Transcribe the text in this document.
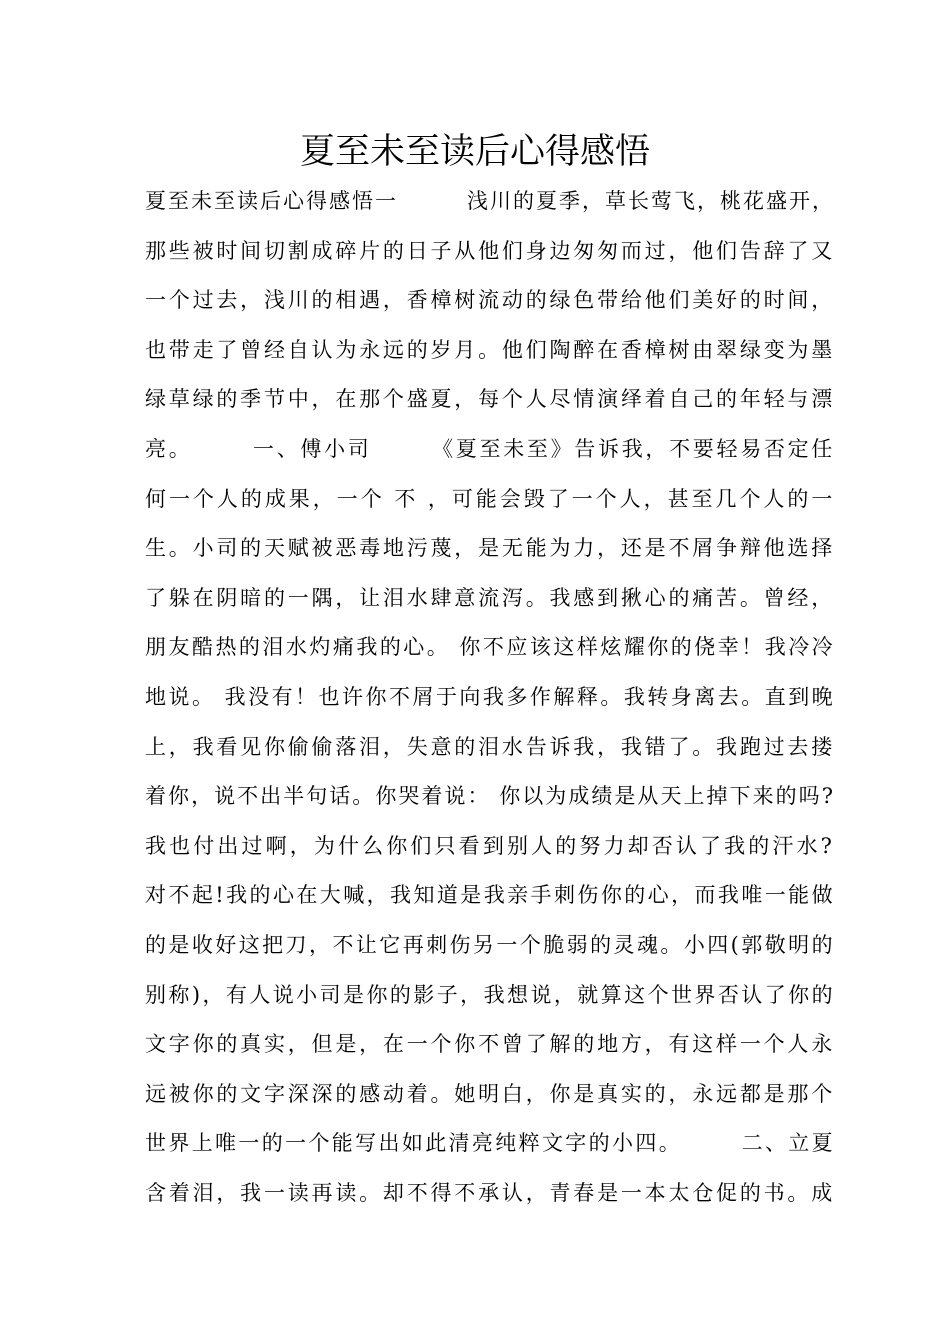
夏至未至读后心得感悟
夏至未至读后心得感悟一　　　浅川的夏季，草长莺飞，桃花盛开，
那些被时间切割成碎片的日子从他们身边匆匆而过，他们告辞了又
一个过去，浅川的相遇，香樟树流动的绿色带给他们美好的时间，
也带走了曾经自认为永远的岁月。他们陶醉在香樟树由翠绿变为墨
绿草绿的季节中，在那个盛夏，每个人尽情演绎着自己的年轻与漂
亮。　　　一、傅小司　　　《夏至未至》告诉我，不要轻易否定任
何一个人的成果，一个 不 ，可能会毁了一个人，甚至几个人的一
生。小司的天赋被恶毒地污蔑，是无能为力，还是不屑争辩他选择
了躲在阴暗的一隅，让泪水肆意流泻。我感到揪心的痛苦。曾经，
朋友酷热的泪水灼痛我的心。 你不应该这样炫耀你的侥幸！我冷冷
地说。 我没有！也许你不屑于向我多作解释。我转身离去。直到晚
上，我看见你偷偷落泪，失意的泪水告诉我，我错了。我跑过去搂
着你，说不出半句话。你哭着说： 你以为成绩是从天上掉下来的吗?
我也付出过啊，为什么你们只看到别人的努力却否认了我的汗水?
对不起!我的心在大喊，我知道是我亲手刺伤你的心，而我唯一能做
的是收好这把刀，不让它再刺伤另一个脆弱的灵魂。小四(郭敬明的
别称)，有人说小司是你的影子，我想说，就算这个世界否认了你的
文字你的真实，但是，在一个你不曾了解的地方，有这样一个人永
远被你的文字深深的感动着。她明白，你是真实的，永远都是那个
世界上唯一的一个能写出如此清亮纯粹文字的小四。　　　二、立夏
含着泪，我一读再读。却不得不承认，青春是一本太仓促的书。成
